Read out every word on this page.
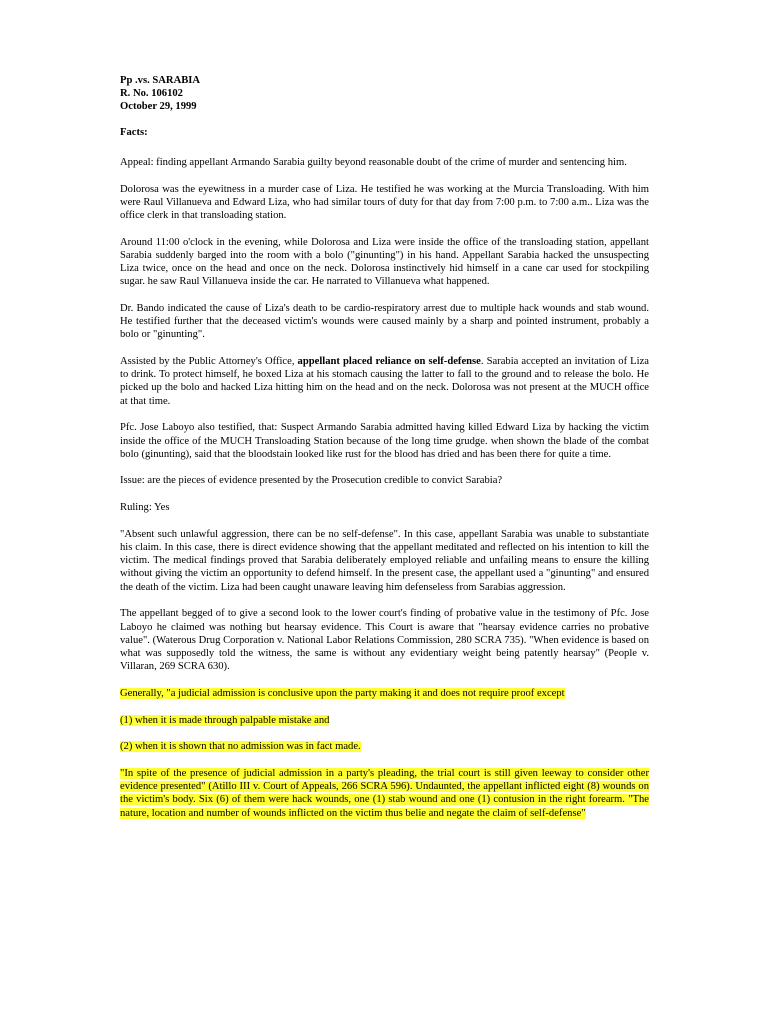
Pp .vs. SARABIA
R. No. 106102
October 29, 1999
Facts:

Appeal: finding appellant Armando Sarabia guilty beyond reasonable doubt of the crime of murder and sentencing him.

Dolorosa was the eyewitness in a murder case of Liza. He testified he was working at the Murcia Transloading. With him were Raul Villanueva and Edward Liza, who had similar tours of duty for that day from 7:00 p.m. to 7:00 a.m.. Liza was the office clerk in that transloading station.

Around 11:00 o'clock in the evening, while Dolorosa and Liza were inside the office of the transloading station, appellant Sarabia suddenly barged into the room with a bolo ("ginunting") in his hand. Appellant Sarabia hacked the unsuspecting Liza twice, once on the head and once on the neck. Dolorosa instinctively hid himself in a cane car used for stockpiling sugar. he saw Raul Villanueva inside the car. He narrated to Villanueva what happened.

Dr. Bando indicated the cause of Liza's death to be cardio-respiratory arrest due to multiple hack wounds and stab wound. He testified further that the deceased victim's wounds were caused mainly by a sharp and pointed instrument, probably a bolo or "ginunting".

Assisted by the Public Attorney's Office, appellant placed reliance on self-defense. Sarabia accepted an invitation of Liza to drink. To protect himself, he boxed Liza at his stomach causing the latter to fall to the ground and to release the bolo. He picked up the bolo and hacked Liza hitting him on the head and on the neck. Dolorosa was not present at the MUCH office at that time.

Pfc. Jose Laboyo also testified, that: Suspect Armando Sarabia admitted having killed Edward Liza by hacking the victim inside the office of the MUCH Transloading Station because of the long time grudge. when shown the blade of the combat bolo (ginunting), said that the bloodstain looked like rust for the blood has dried and has been there for quite a time.

Issue: are the pieces of evidence presented by the Prosecution credible to convict Sarabia?

Ruling: Yes

"Absent such unlawful aggression, there can be no self-defense". In this case, appellant Sarabia was unable to substantiate his claim. In this case, there is direct evidence showing that the appellant meditated and reflected on his intention to kill the victim. The medical findings proved that Sarabia deliberately employed reliable and unfailing means to ensure the killing without giving the victim an opportunity to defend himself. In the present case, the appellant used a "ginunting" and ensured the death of the victim. Liza had been caught unaware leaving him defenseless from Sarabias aggression.

The appellant begged of to give a second look to the lower court's finding of probative value in the testimony of Pfc. Jose Laboyo he claimed was nothing but hearsay evidence. This Court is aware that "hearsay evidence carries no probative value". (Waterous Drug Corporation v. National Labor Relations Commission, 280 SCRA 735). "When evidence is based on what was supposedly told the witness, the same is without any evidentiary weight being patently hearsay" (People v. Villaran, 269 SCRA 630).

Generally, "a judicial admission is conclusive upon the party making it and does not require proof except

(1) when it is made through palpable mistake and

(2) when it is shown that no admission was in fact made.

"In spite of the presence of judicial admission in a party's pleading, the trial court is still given leeway to consider other evidence presented" (Atillo III v. Court of Appeals, 266 SCRA 596). Undaunted, the appellant inflicted eight (8) wounds on the victim's body. Six (6) of them were hack wounds, one (1) stab wound and one (1) contusion in the right forearm. "The nature, location and number of wounds inflicted on the victim thus belie and negate the claim of self-defense"
